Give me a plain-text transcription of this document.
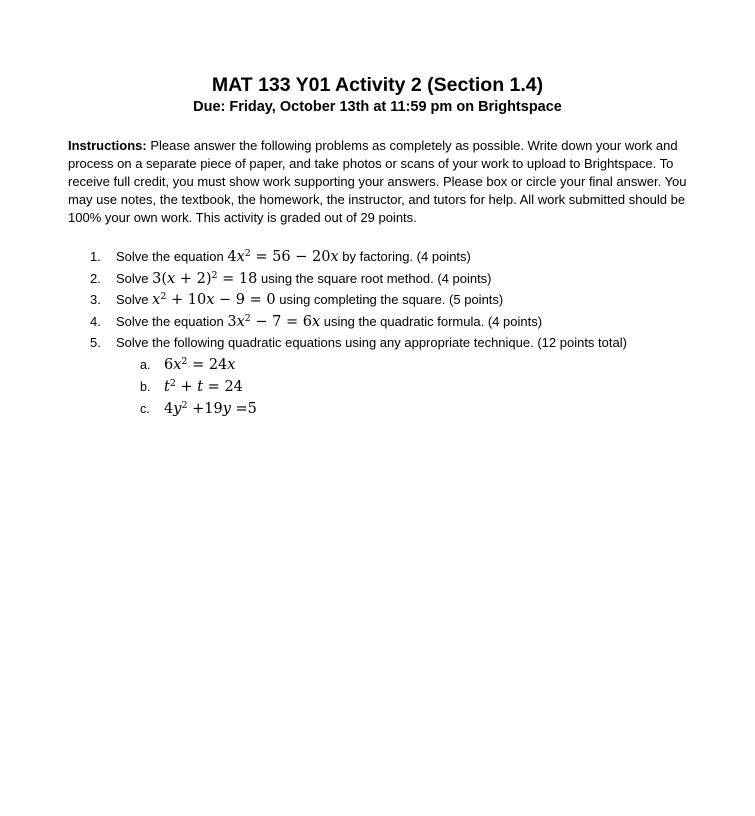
MAT 133 Y01 Activity 2 (Section 1.4)
Due: Friday, October 13th at 11:59 pm on Brightspace

Instructions: Please answer the following problems as completely as possible. Write down your work and process on a separate piece of paper, and take photos or scans of your work to upload to Brightspace. To receive full credit, you must show work supporting your answers. Please box or circle your final answer. You may use notes, the textbook, the homework, the instructor, and tutors for help. All work submitted should be 100% your own work. This activity is graded out of 29 points.

1. Solve the equation $4x^2 = 56 - 20x$ by factoring. (4 points)
2. Solve $3(x + 2)^2 = 18$ using the square root method. (4 points)
3. Solve $x^2 + 10x - 9 = 0$ using completing the square. (5 points)
4. Solve the equation $3x^2 - 7 = 6x$ using the quadratic formula. (4 points)
5. Solve the following quadratic equations using any appropriate technique. (12 points total)
a. $6x^2 = 24x$
b. $t^2 + t = 24$
c. $4y^2 +19y =5$
